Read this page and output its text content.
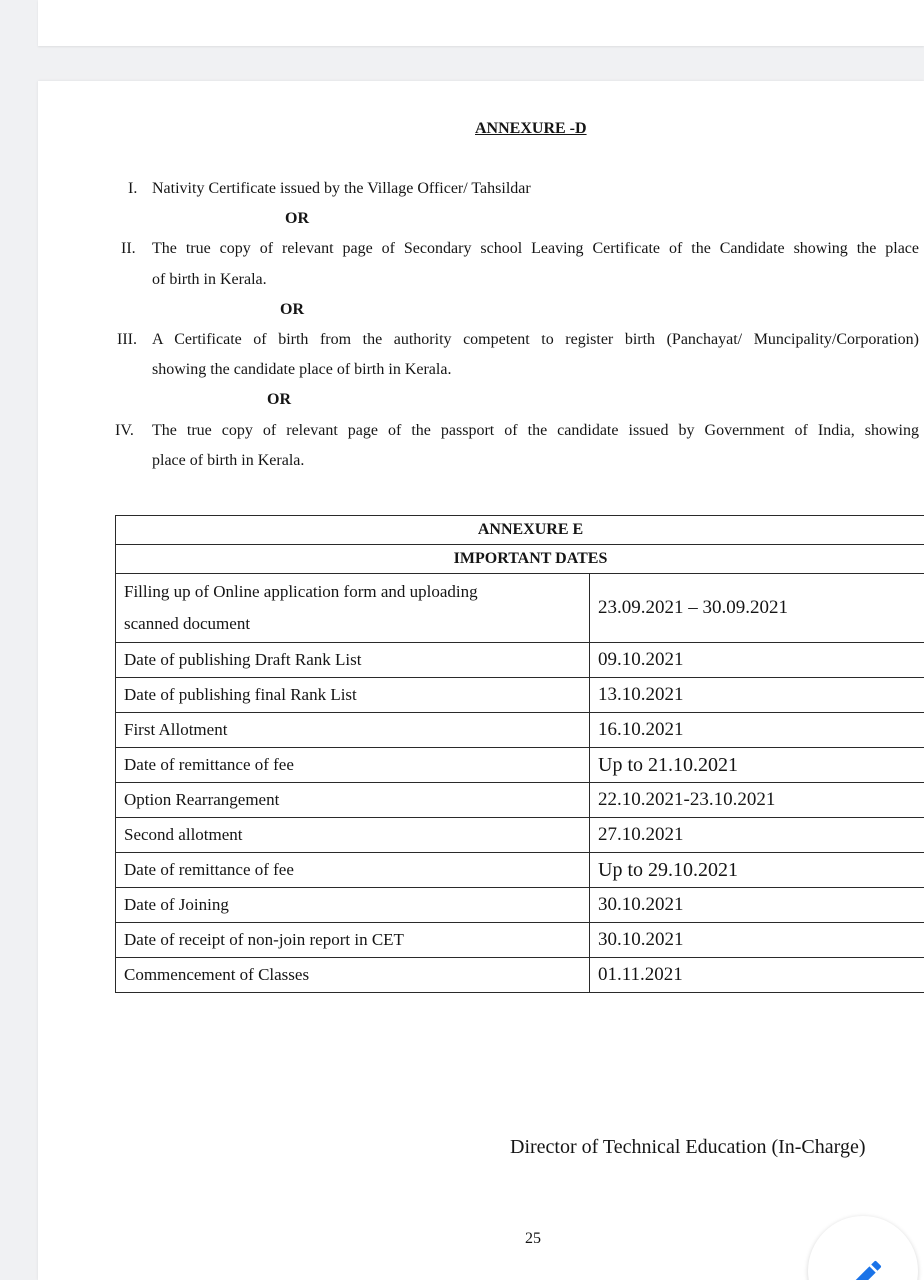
ANNEXURE -D
I. Nativity Certificate issued by the Village Officer/ Tahsildar
OR
II. The true copy of relevant page of Secondary school Leaving Certificate of the Candidate showing the place
of birth in Kerala.
OR
III. A Certificate of birth from the authority competent to register birth (Panchayat/ Muncipality/Corporation)
showing the candidate place of birth in Kerala.
OR
IV. The true copy of relevant page of the passport of the candidate issued by Government of India, showing
place of birth in Kerala.
ANNEXURE E	
IMPORTANT DATES	

Filling up of Online application form and uploading
scanned document	23.09.2021 – 30.09.2021
Date of publishing Draft Rank List	09.10.2021
Date of publishing final Rank List	13.10.2021
First Allotment	16.10.2021
Date of remittance of fee	Up to 21.10.2021
Option Rearrangement	22.10.2021-23.10.2021
Second allotment	27.10.2021
Date of remittance of fee	Up to 29.10.2021
Date of Joining	30.10.2021
Date of receipt of non-join report in CET	30.10.2021
Commencement of Classes	01.11.2021
Director of Technical Education (In-Charge)
25
